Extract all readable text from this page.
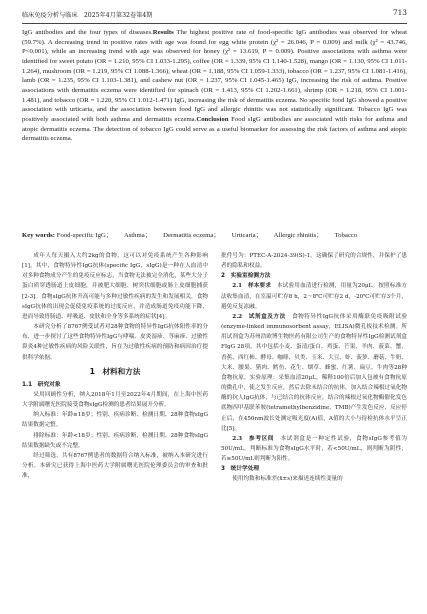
临床免疫分析与临床　2025年4月第32卷第4期	713

IgG antibodies and the four types of diseases.Results The highest positive rate of food-specific IgG antibodies was observed for wheat (59.7%). A decreasing trend in positive rates with age was found for egg white protein (χ² = 26.046, P = 0.009) and milk (χ² = 43.746, P<0.001), while an increasing trend with age was observed for honey (χ² = 13.619, P = 0.009). Positive associations with asthma were identified for sweet potato (OR = 1.210, 95% CI 1.033-1.295), coffee (OR = 1.339, 95% CI 1.140-1.528), mango (OR = 1.130, 95% CI 1.011-1.264), mushroom (OR = 1.219, 95% CI 1.088-1.366), wheat (OR = 1.188, 95% CI 1.059-1.333), tobacco (OR = 1.237, 95% CI 1.081-1.416), lamb (OR = 1.235, 95% CI 1.103-1.381), and cashew nut (OR = 1.237, 95% CI 1.045-1.465) IgG, increasing the risk of asthma. Positive associations with dermatitis eczema were identified for spinach (OR = 1.413, 95% CI 1.202-1.661), shrimp (OR = 1.218, 95% CI 1.001-1.481), and tobacco (OR = 1.220, 95% CI 1.012-1.471) IgG, increasing the risk of dermatitis eczema. No specific food IgG showed a positive association with urticaria, and the association between food IgG and allergic rhinitis was not statistically significant. Tobacco IgG was positively associated with both asthma and dermatitis eczema.Conclusion Food sIgG antibodies are associated with risks for asthma and atopic dermatitis eczema. The detection of tobacco IgG could serve as a useful biomarker for assessing the risk factors of asthma and atopic dermatitis eczema.

Key words: Food-specific IgG； Asthma； Dermatitis eczema； Urticaria； Allergic rhinitis； Tobacco

成年人每天摄入大约2kg的食物，这可以对免疫系统产生各种影响[1]。其中，食物特异性IgG抗体(specific IgG，sIgG)是一种在人血清中对多种食物成分产生的免疫反应标志，当食物无法被完全消化，某些大分子蛋白质穿透肠道上皮细胞，并被肥大细胞、树突状细胞或肠上皮细胞捕获[2-3]。食物sIgG抗体升高可能与多种过敏性疾病的发生和发展相关，食物sIgG抗体的出现会促使免疫系统的过度反应，并造成肠道免疫功能下降，进而导致胃肠道、呼吸道、皮肤和全身等多系统的症状[4]。

本研究分析了8767例受试者对28种食物的特异性IgG抗体阳性率的分布，进一步探讨了这些食物特异性IgG与哮喘、皮炎湿疹、荨麻疹、过敏性鼻炎4种过敏性疾病的风险关联性，旨在为过敏性疾病的预防和病因治疗提供科学依据。

1　材料和方法
1.1　研究对象

采用回顾性分析，纳入2018年1月至2022年4月期间，在上海中医药大学附属曙光医院接受食物sIgG检测的患者结果展开分析。

纳入标准：年龄≥18岁；性别、疾病诊断、检测日期、28种食物sIgG结果数据完整。

排除标准：年龄<18岁；性别、疾病诊断、检测日期、28种食物sIgG结果数据缺失或不完整。

经过筛选，共有8767例患者的数据符合纳入标准，被纳入本研究进行分析。本研究已获得上海中医药大学附属曙光医院伦理委员会的审查和批准，

批件号为：PTEC-A-2024-39(S)-1。这确保了研究的合规性，并保护了患者的隐私和权益。

2　实验室检测方法

2.1　样本要求　 本试验用血清进行检测，用量为20μL。按照标准方法收集血清，在室温可贮存8 h，2～8℃可贮存2 d，-20℃可贮存3个月，避免反复冻融。

2.2　试剂盒及方法　 食物特异性IgG抗体采用酶联免疫吸附试验(enzyme-linked immunosorbent assay，ELISA)微孔板技术检测。所用试剂盒为苏州浩欧博生物医药有限公司生产的食物特异性IgG检测试剂盒FIgG 28项，其中包括小麦、蛋清/蛋白、鸡蛋、芒果、羊肉、菠菜、蟹、香蕉、西红柿、酵母、咖啡、贝类、玉米、大豆、虾、菠萝、蘑菇、牛奶、大米、腰果、猪肉、鳕鱼、花生、烟草、蜂蜜、红薯、扁豆、牛肉等28种食物抗原。实验原理：采集血清20μL，稀释100倍后加入包被有食物抗原的微孔中，使之发生反应，然后去除未结合的抗体，加入结合辣根过氧化物酶的抗人IgG抗体，与已结合的抗体反应，结合的辣根过氧化物酶催化发色底物四甲基联苯胺(tetramethylbenzidine，TMB)产生发色反应，反应停止后，在450nm波长处测定吸光度(A)值，A值的大小与待检抗体水平呈正比[5]。

2.3　参考区间　 本试剂盒是一种定性试验，食物sIgG参考值为50U/mL，判断标准为食物sIgG水平时，若<50U/mL，则判断为阴性，若≥50U/mL则判断为阳性。

3　统计学处理

使用均数和标准差(x̄±s)来描述连续性变量的
